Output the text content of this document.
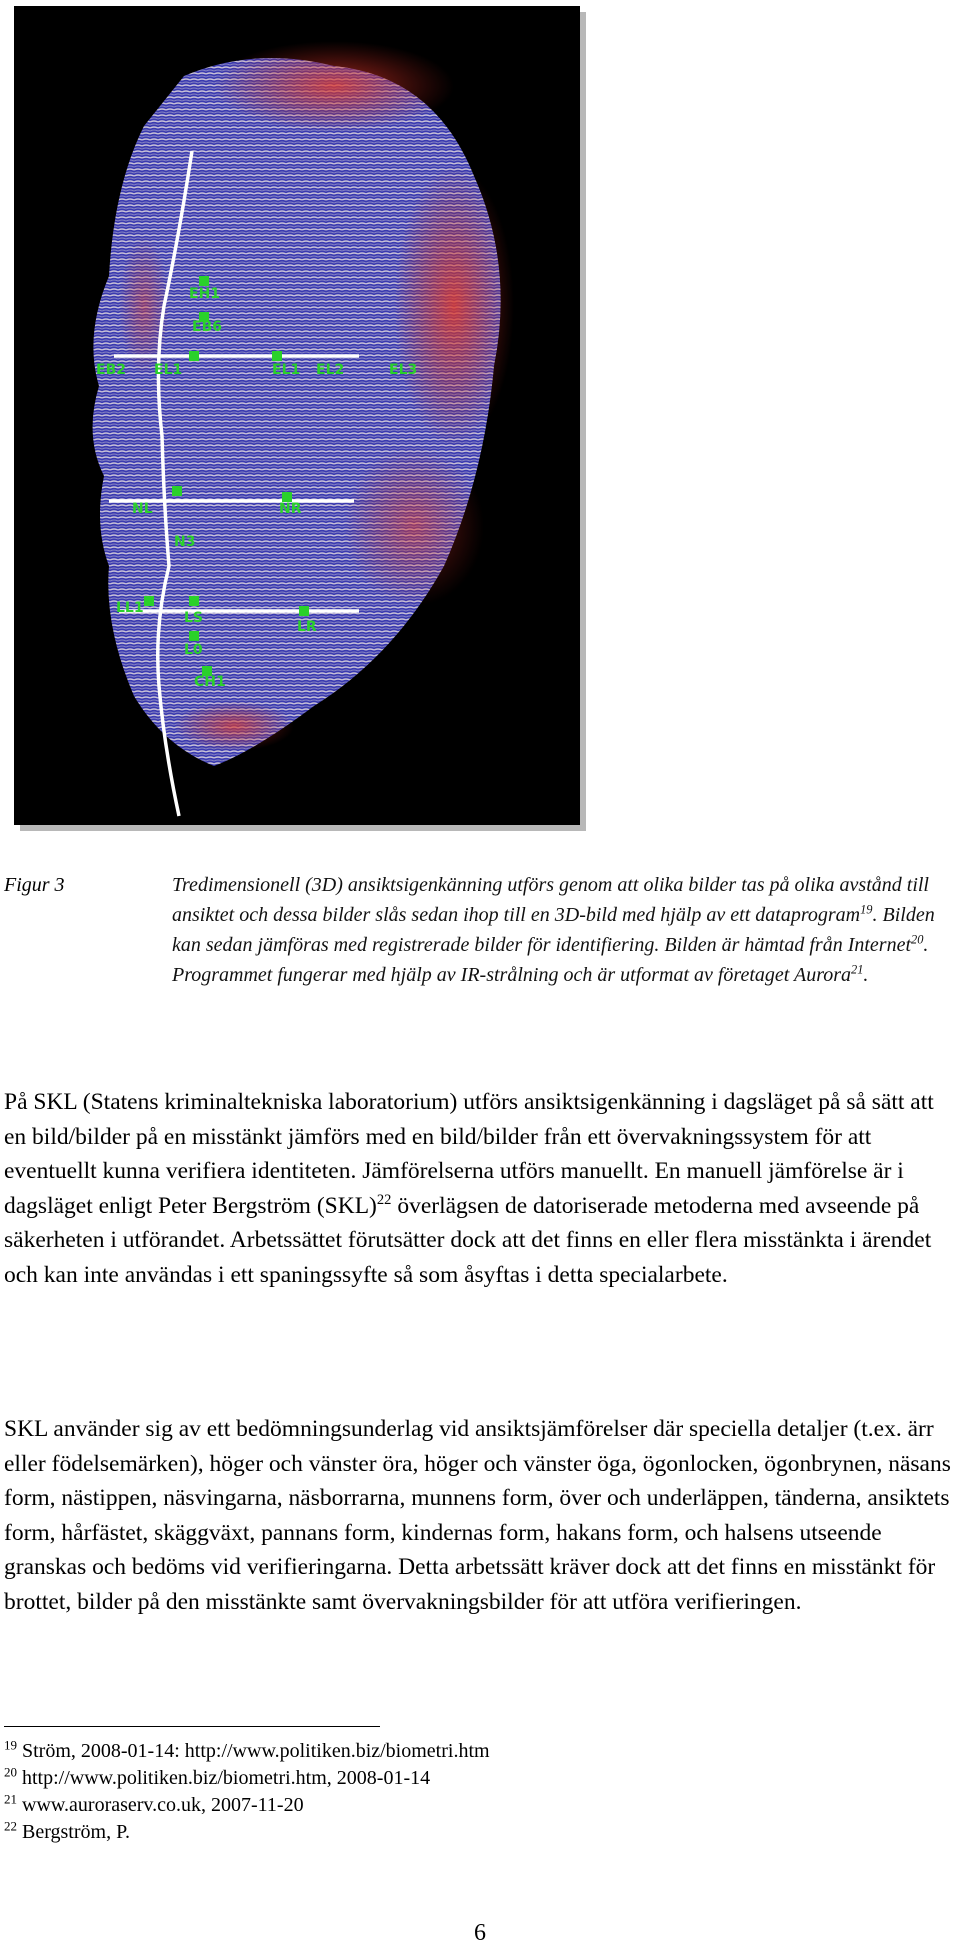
EH1
EB6
EB2 EL1	EL1 EL2	EL3
NL
N3
NR
LL1
LS
LR
L0
CH1
Figur 3	Tredimensionell (3D) ansiktsigenkänning utförs genom att olika bilder tas på olika avstånd till ansiktet och dessa bilder slås sedan ihop till en 3D-bild med hjälp av ett dataprogram$^{19}$. Bilden kan sedan jämföras med registrerade bilder för identifiering. Bilden är hämtad från Internet$^{20}$. Programmet fungerar med hjälp av IR-strålning och är utformat av företaget Aurora$^{21}$.

På SKL (Statens kriminaltekniska laboratorium) utförs ansiktsigenkänning i dagsläget på så sätt att en bild/bilder på en misstänkt jämförs med en bild/bilder från ett övervakningssystem för att eventuellt kunna verifiera identiteten. Jämförelserna utförs manuellt. En manuell jämförelse är i dagsläget enligt Peter Bergström (SKL)$^{22}$ överlägsen de datoriserade metoderna med avseende på säkerheten i utförandet. Arbetssättet förutsätter dock att det finns en eller flera misstänkta i ärendet och kan inte användas i ett spaningssyfte så som åsyftas i detta specialarbete.

SKL använder sig av ett bedömningsunderlag vid ansiktsjämförelser där speciella detaljer (t.ex. ärr eller födelsemärken), höger och vänster öra, höger och vänster öga, ögonlocken, ögonbrynen, näsans form, nästippen, näsvingarna, näsborrarna, munnens form, över och underläppen, tänderna, ansiktets form, hårfästet, skäggväxt, pannans form, kindernas form, hakans form, och halsens utseende granskas och bedöms vid verifieringarna. Detta arbetssätt kräver dock att det finns en misstänkt för brottet, bilder på den misstänkte samt övervakningsbilder för att utföra verifieringen.

$^{19}$ Ström, 2008-01-14: http://www.politiken.biz/biometri.htm

$^{20}$ http://www.politiken.biz/biometri.htm, 2008-01-14

$^{21}$ www.auroraserv.co.uk, 2007-11-20

$^{22}$ Bergström, P.

6
